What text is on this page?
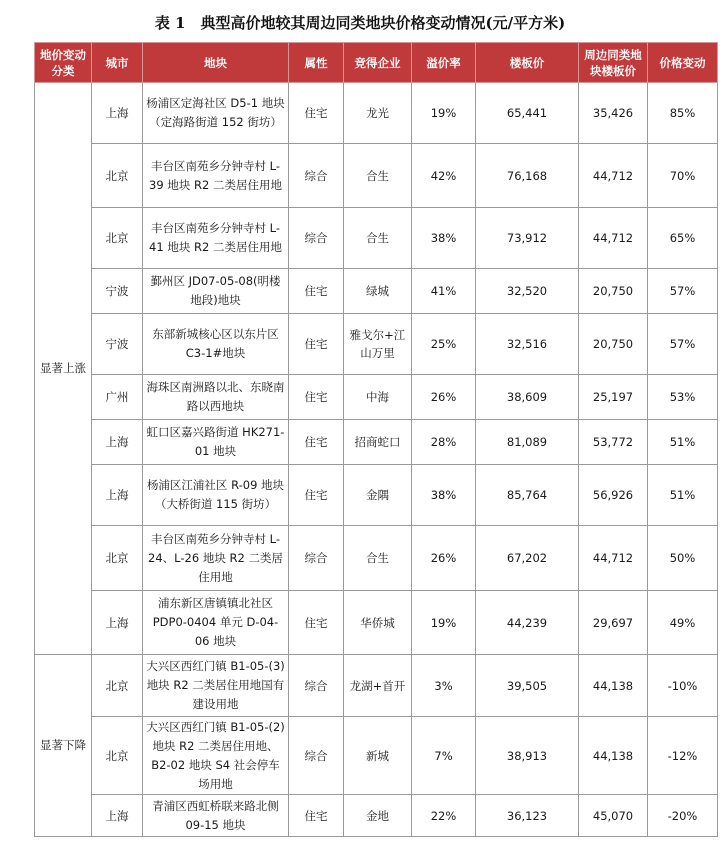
表 1　典型高价地较其周边同类地块价格变动情况(元/平方米)
地价变动分类	城市	地块	属性	竞得企业	溢价率	楼板价	周边同类地块楼板价	价格变动
显著上涨	上海	杨浦区定海社区 D5-1 地块（定海路街道 152 街坊）	住宅	龙光	19%	65,441	35,426	85%
	北京	丰台区南苑乡分钟寺村 L-39 地块 R2 二类居住用地	综合	合生	42%	76,168	44,712	70%
	北京	丰台区南苑乡分钟寺村 L-41 地块 R2 二类居住用地	综合	合生	38%	73,912	44,712	65%
	宁波	鄞州区 JD07-05-08(明楼地段)地块	住宅	绿城	41%	32,520	20,750	57%
	宁波	东部新城核心区以东片区 C3-1#地块	住宅	雅戈尔+江山万里	25%	32,516	20,750	57%
	广州	海珠区南洲路以北、东晓南路以西地块	住宅	中海	26%	38,609	25,197	53%
	上海	虹口区嘉兴路街道 HK271-01 地块	住宅	招商蛇口	28%	81,089	53,772	51%
	上海	杨浦区江浦社区 R-09 地块（大桥街道 115 街坊）	住宅	金隅	38%	85,764	56,926	51%
	北京	丰台区南苑乡分钟寺村 L-24、L-26 地块 R2 二类居住用地	综合	合生	26%	67,202	44,712	50%
	上海	浦东新区唐镇镇北社区 PDP0-0404 单元 D-04-06 地块	住宅	华侨城	19%	44,239	29,697	49%
显著下降	北京	大兴区西红门镇 B1-05-(3)地块 R2 二类居住用地国有建设用地	综合	龙湖+首开	3%	39,505	44,138	-10%
	北京	大兴区西红门镇 B1-05-(2)地块 R2 二类居住用地、B2-02 地块 S4 社会停车场用地	综合	新城	7%	38,913	44,138	-12%
	上海	青浦区西虹桥联来路北侧 09-15 地块	住宅	金地	22%	36,123	45,070	-20%
